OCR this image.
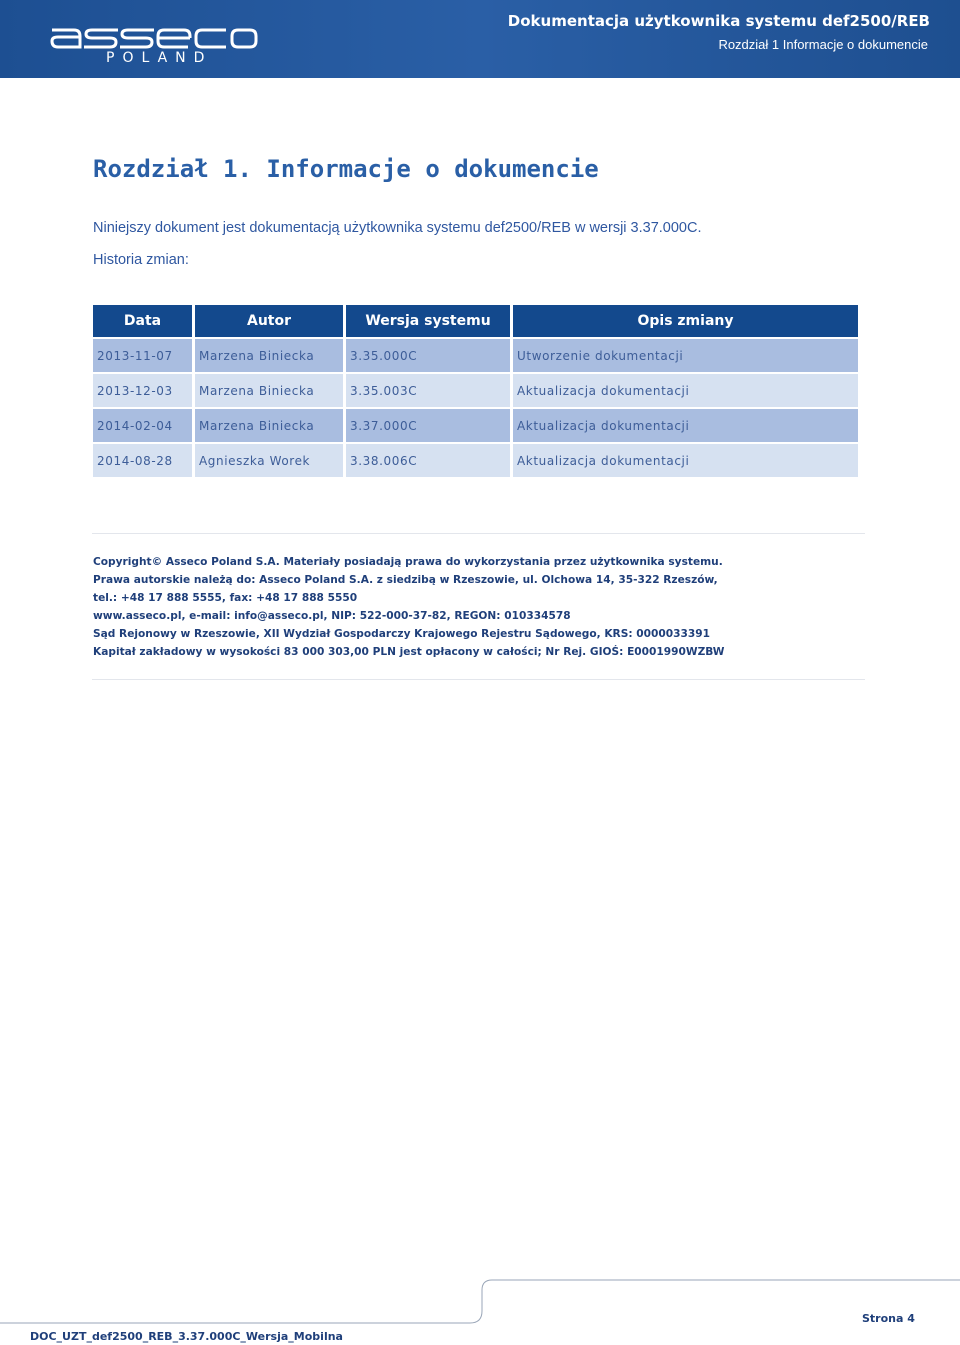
POLAND
Dokumentacja użytkownika systemu def2500/REB
Rozdział 1 Informacje o dokumencie
Rozdział 1. Informacje o dokumencie
Niniejszy dokument jest dokumentacją użytkownika systemu def2500/REB w wersji 3.37.000C.
Historia zmian:
Data	Autor	Wersja systemu	Opis zmiany
2013-11-07	Marzena Biniecka	3.35.000C	Utworzenie dokumentacji
2013-12-03	Marzena Biniecka	3.35.003C	Aktualizacja dokumentacji
2014-02-04	Marzena Biniecka	3.37.000C	Aktualizacja dokumentacji
2014-08-28	Agnieszka Worek	3.38.006C	Aktualizacja dokumentacji
Copyright© Asseco Poland S.A. Materiały posiadają prawa do wykorzystania przez użytkownika systemu.
Prawa autorskie należą do: Asseco Poland S.A. z siedzibą w Rzeszowie, ul. Olchowa 14, 35-322 Rzeszów,
tel.: +48 17 888 5555, fax: +48 17 888 5550
www.asseco.pl, e-mail: info@asseco.pl, NIP: 522-000-37-82, REGON: 010334578
Sąd Rejonowy w Rzeszowie, XII Wydział Gospodarczy Krajowego Rejestru Sądowego, KRS: 0000033391
Kapitał zakładowy w wysokości 83 000 303,00 PLN jest opłacony w całości; Nr Rej. GIOŚ: E0001990WZBW
Strona 4
DOC_UZT_def2500_REB_3.37.000C_Wersja_Mobilna
